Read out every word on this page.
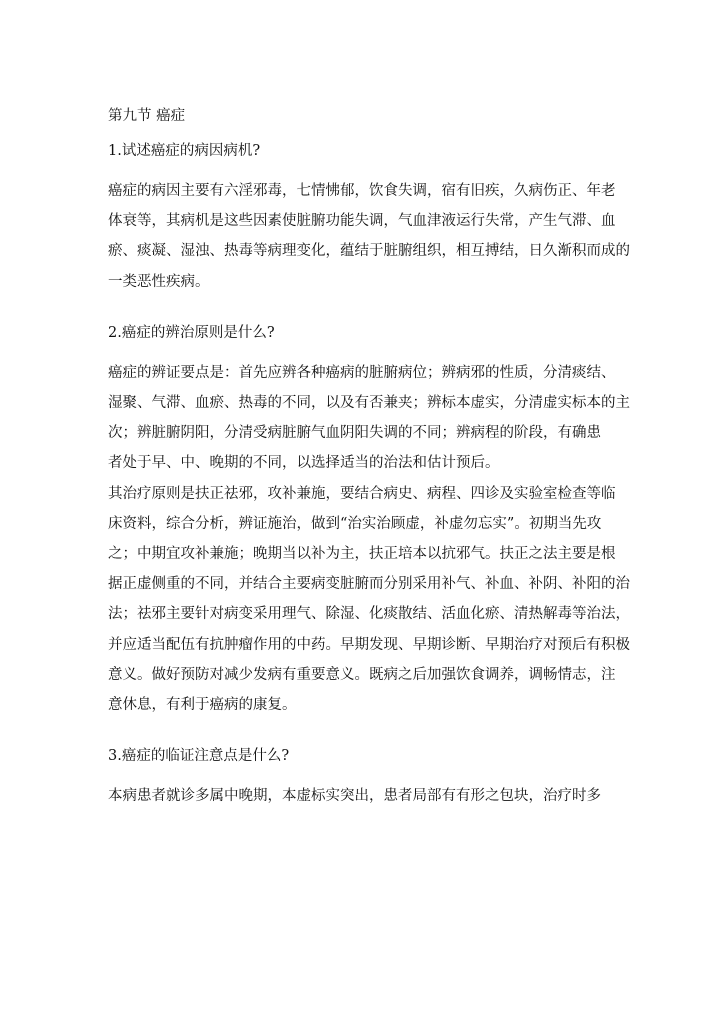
第九节 癌症
1.试述癌症的病因病机?
癌症的病因主要有六淫邪毒，七情怫郁，饮食失调，宿有旧疾，久病伤正、年老
体衰等，其病机是这些因素使脏腑功能失调，气血津液运行失常，产生气滞、血
瘀、痰凝、湿浊、热毒等病理变化，蕴结于脏腑组织，相互搏结，日久渐积而成的
一类恶性疾病。
2.癌症的辨治原则是什么?
癌症的辨证要点是：首先应辨各种癌病的脏腑病位；辨病邪的性质，分清痰结、
湿聚、气滞、血瘀、热毒的不同，以及有否兼夹；辨标本虚实，分清虚实标本的主
次；辨脏腑阴阳，分清受病脏腑气血阴阳失调的不同；辨病程的阶段，有确患
者处于早、中、晚期的不同，以选择适当的治法和估计预后。
其治疗原则是扶正祛邪，攻补兼施，要结合病史、病程、四诊及实验室检查等临
床资料，综合分析，辨证施治，做到“治实治顾虚，补虚勿忘实”。初期当先攻
之；中期宜攻补兼施；晚期当以补为主，扶正培本以抗邪气。扶正之法主要是根
据正虚侧重的不同，并结合主要病变脏腑而分别采用补气、补血、补阴、补阳的治
法；祛邪主要针对病变采用理气、除湿、化痰散结、活血化瘀、清热解毒等治法，
并应适当配伍有抗肿瘤作用的中药。早期发现、早期诊断、早期治疗对预后有积极
意义。做好预防对减少发病有重要意义。既病之后加强饮食调养，调畅情志，注
意休息，有利于癌病的康复。
3.癌症的临证注意点是什么?
本病患者就诊多属中晚期，本虚标实突出，患者局部有有形之包块，治疗时多
